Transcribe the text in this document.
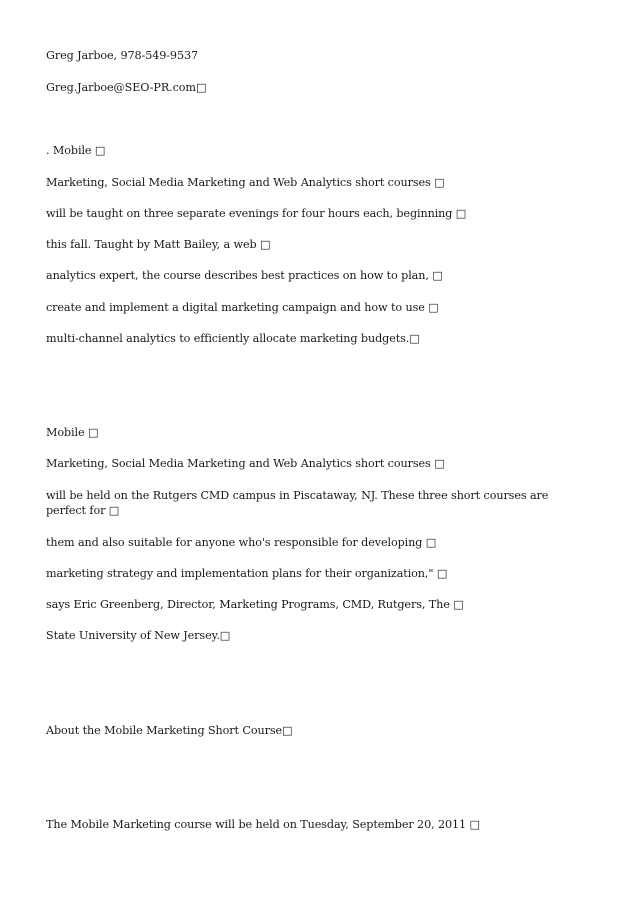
Greg Jarboe, 978-549-9537
Greg.Jarboe@SEO-PR.com□
. Mobile □
Marketing, Social Media Marketing and Web Analytics short courses □
will be taught on three separate evenings for four hours each, beginning □
this fall. Taught by Matt Bailey, a web □
analytics expert, the course describes best practices on how to plan, □
create and implement a digital marketing campaign and how to use □
multi-channel analytics to efficiently allocate marketing budgets.□
Mobile □
Marketing, Social Media Marketing and Web Analytics short courses □
will be held on the Rutgers CMD campus in Piscataway, NJ. These three short courses are perfect for □
them and also suitable for anyone who's responsible for developing □
marketing strategy and implementation plans for their organization," □
says Eric Greenberg, Director, Marketing Programs, CMD, Rutgers, The □
State University of New Jersey.□
About the Mobile Marketing Short Course□
The Mobile Marketing course will be held on Tuesday, September 20, 2011 □
